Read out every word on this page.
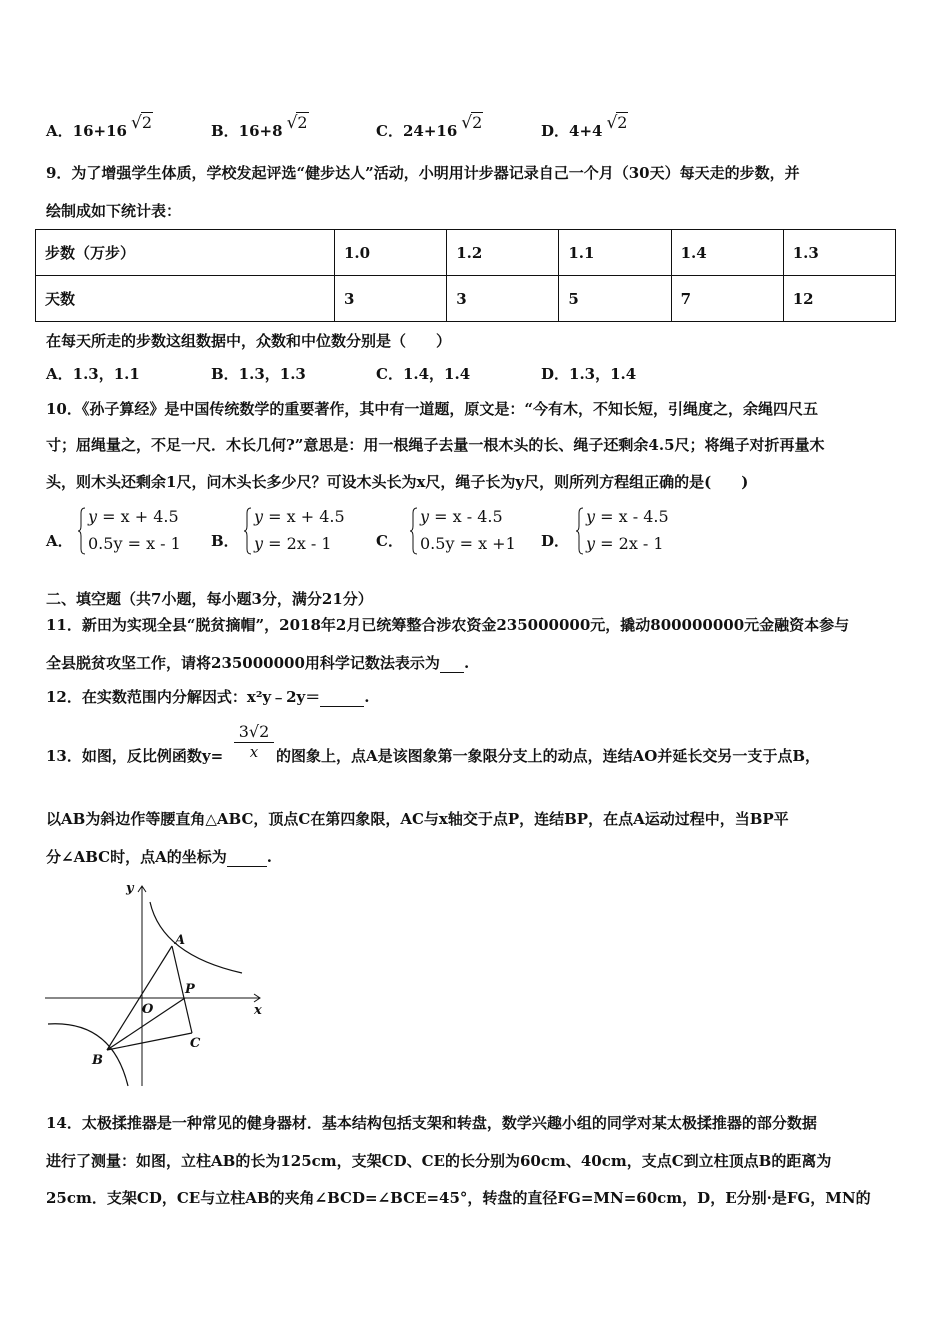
A．16+16 √2	B．16+8 √2	C．24+16 √2	D．4+4 √2
9．为了增强学生体质，学校发起评选“健步达人”活动，小明用计步器记录自己一个月（30天）每天走的步数，并
绘制成如下统计表：
步数（万步）	1.0	1.2	1.1	1.4	1.3
天数	3	3	5	7	12
在每天所走的步数这组数据中，众数和中位数分别是（　　）
A．1.3，1.1	B．1.3，1.3	C．1.4，1.4	D．1.3，1.4
10．《孙子算经》是中国传统数学的重要著作，其中有一道题，原文是：“今有木，不知长短，引绳度之，余绳四尺五
寸；屈绳量之，不足一尺．木长几何?”意思是：用一根绳子去量一根木头的长、绳子还剩余4.5尺；将绳子对折再量木
头，则木头还剩余1尺，问木头长多少尺？可设木头长为x尺，绳子长为y尺，则所列方程组正确的是(　　)
A．
y = x + 4.5
0.5y = x - 1 B．
y = x + 4.5
y = 2x - 1	C．
y = x - 4.5
0.5y = x +1 D．
y = x - 4.5
y = 2x - 1
二、填空题（共7小题，每小题3分，满分21分）
11．新田为实现全县“脱贫摘帽”，2018年2月已统筹整合涉农资金235000000元，撬动800000000元金融资本参与
全县脱贫攻坚工作，请将235000000用科学记数法表示为 .
12．在实数范围内分解因式：x²y﹣2y＝	.
13．如图，反比例函数$y= \frac{3√2}{x}$ 的图象上，点A是该图象第一象限分支上的动点，连结AO并延长交另一支于点B，
以AB为斜边作等腰直角△ABC，顶点C在第四象限，AC与x轴交于点P，连结BP，在点A运动过程中，当BP平
分∠ABC时，点A的坐标为	.
y
x
O
A
P
C
B
14．太极揉推器是一种常见的健身器材．基本结构包括支架和转盘，数学兴趣小组的同学对某太极揉推器的部分数据
进行了测量：如图，立柱AB的长为125cm，支架CD、CE的长分别为60cm、40cm，支点C到立柱顶点B的距离为
25cm．支架CD，CE与立柱AB的夹角∠BCD=∠BCE=45°，转盘的直径FG=MN=60cm，D，E分别·是FG，MN的
